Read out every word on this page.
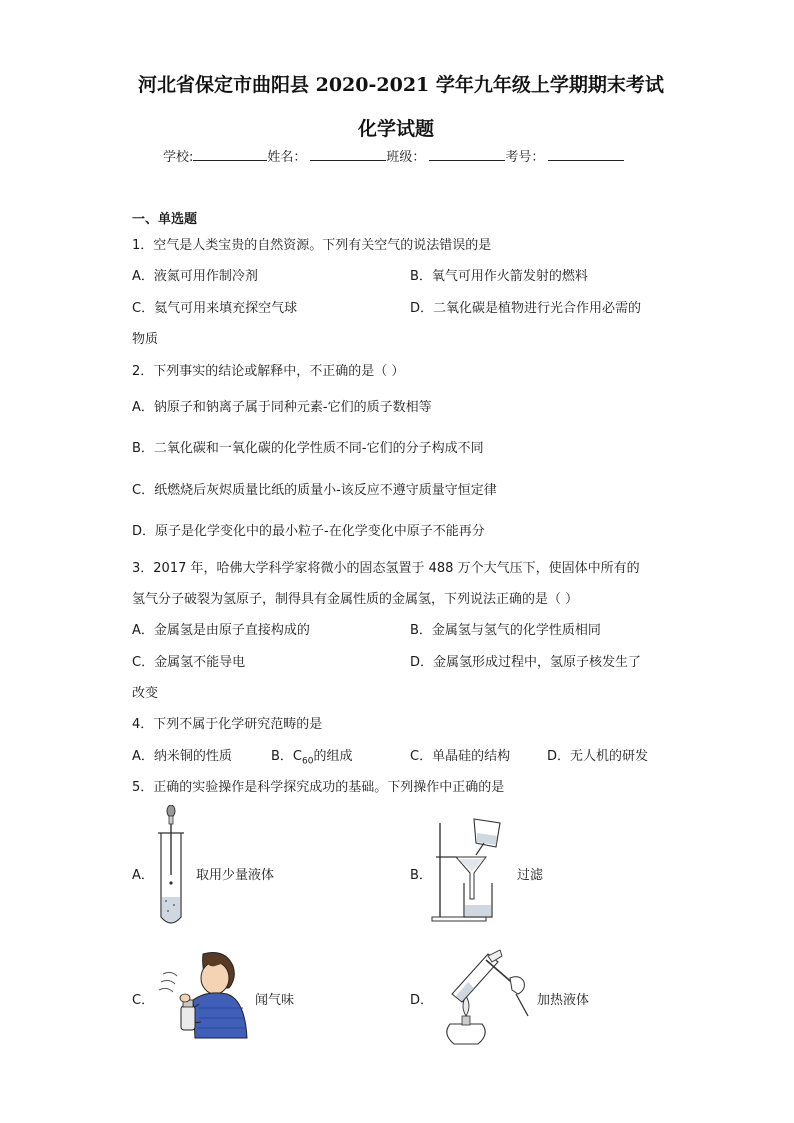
河北省保定市曲阳县 2020-2021 学年九年级上学期期末考试
化学试题
学校:	姓名：	班级：	考号：
一、单选题
1．空气是人类宝贵的自然资源。下列有关空气的说法错误的是
A．液氮可用作制冷剂	B．氧气可用作火箭发射的燃料
C．氦气可用来填充探空气球	D．二氧化碳是植物进行光合作用必需的
物质
2．下列事实的结论或解释中，不正确的是（ ）
A．钠原子和钠离子属于同种元素-它们的质子数相等
B．二氧化碳和一氧化碳的化学性质不同-它们的分子构成不同
C．纸燃烧后灰烬质量比纸的质量小-该反应不遵守质量守恒定律
D．原子是化学变化中的最小粒子-在化学变化中原子不能再分
3．2017 年，哈佛大学科学家将微小的固态氢置于 488 万个大气压下，使固体中所有的
氢气分子破裂为氢原子，制得具有金属性质的金属氢，下列说法正确的是（ ）
A．金属氢是由原子直接构成的	B．金属氢与氢气的化学性质相同
C．金属氢不能导电	D．金属氢形成过程中，氢原子核发生了
改变
4．下列不属于化学研究范畴的是
A．纳米铜的性质	B．$C_{60}$的组成	C．单晶硅的结构	D．无人机的研发
5．正确的实验操作是科学探究成功的基础。下列操作中正确的是
A．	取用少量液体	B．	过滤
C．	闻气味	D．	加热液体
